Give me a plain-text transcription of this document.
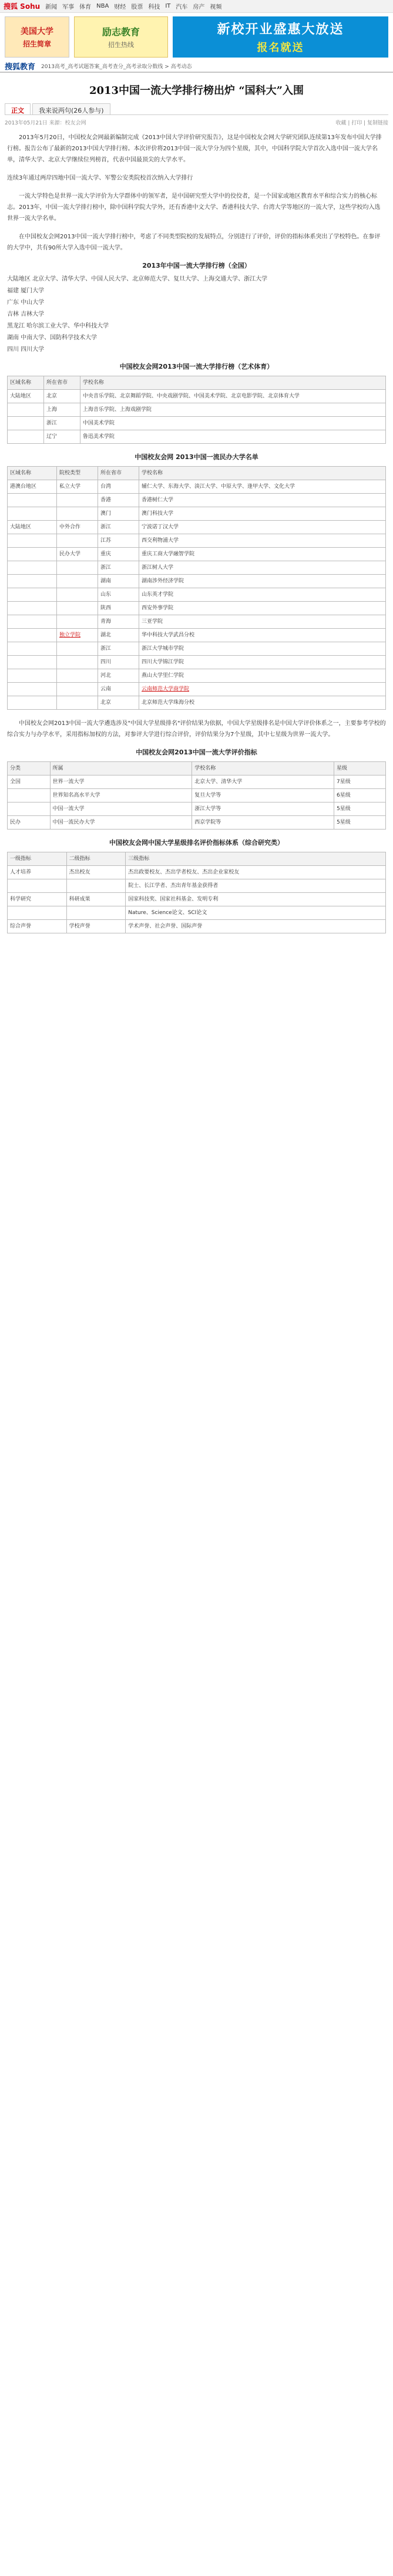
搜狐 Sohu 新闻 军事 体育 NBA 财经 股票 科技 IT 汽车 房产 视频
美国大学
招生简章
励志教育
招生热线
新校开业盛惠大放送
报名就送
搜狐教育 2013高考_高考试题答案_高考查分_高考录取分数线 > 高考动态
2013中国一流大学排行榜出炉 “国科大”入围
正文	我来说两句(26人参与)
2013年05月21日 来源：校友会网	收藏 | 打印 | 复制链接

2013年5月20日，中国校友会网最新编制完成《2013中国大学评价研究报告》，这是中国校友会网大学研究团队连续第13年发布中国大学排行榜。报告公布了最新的2013中国大学排行榜。本次评价将2013中国一流大学分为四个星级，其中，中国科学院大学首次入选中国一流大学名单，清华大学、北京大学继续位列榜首，代表中国最顶尖的大学水平。

连续3年通过两岸四地中国一流大学、军警公安类院校首次纳入大学排行

一流大学特色是世界一流大学评价为大学群体中的领军者，是中国研究型大学中的佼佼者，是一个国家或地区教育水平和综合实力的核心标志。2013年，中国一流大学排行榜中，除中国科学院大学外，还有香港中文大学、香港科技大学、台湾大学等地区的一流大学，这些学校均入选世界一流大学名单。

在中国校友会网2013中国一流大学排行榜中，考虑了不同类型院校的发展特点，分别进行了评价，评价的指标体系突出了学校特色。在参评的大学中，共有90所大学入选中国一流大学。

2013年中国一流大学排行榜（全国）

大陆地区 北京大学、清华大学、中国人民大学、北京师范大学、复旦大学、上海交通大学、浙江大学

福建 厦门大学

广东 中山大学

吉林 吉林大学

黑龙江 哈尔滨工业大学、华中科技大学

湖南 中南大学、国防科学技术大学

四川 四川大学

中国校友会网2013中国一流大学排行榜（艺术体育）
区域名称	所在省市	学校名称
大陆地区	北京	中央音乐学院、北京舞蹈学院、中央戏剧学院、中国美术学院、北京电影学院、北京体育大学
	上海	上海音乐学院、上海戏剧学院
	浙江	中国美术学院
	辽宁	鲁迅美术学院
中国校友会网 2013中国一流民办大学名单
区域名称	院校类型	所在省市	学校名称
港澳台地区	私立大学	台湾	辅仁大学、东海大学、淡江大学、中原大学、逢甲大学、文化大学
		香港	香港树仁大学
		澳门	澳门科技大学
大陆地区	中外合作	浙江	宁波诺丁汉大学
		江苏	西交利物浦大学
	民办大学	重庆	重庆工商大学融智学院
		浙江	浙江树人大学
		湖南	湖南涉外经济学院
		山东	山东英才学院
		陕西	西安外事学院
		青海	三亚学院
	独立学院	湖北	华中科技大学武昌分校
		浙江	浙江大学城市学院
		四川	四川大学锦江学院
		河北	燕山大学里仁学院
		云南	云南师范大学商学院
		北京	北京师范大学珠海分校

中国校友会网2013中国一流大学遴选涉及"中国大学星级排名"评价结果为依据，中国大学星级排名是中国大学评价体系之一，主要参考学校的综合实力与办学水平，采用指标加权的方法，对参评大学进行综合评价，评价结果分为7个星级，其中七星级为世界一流大学。

中国校友会网2013中国一流大学评价指标
分类	所属	学校名称	星级
全国	世界一流大学	北京大学、清华大学	7星级
	世界知名高水平大学	复旦大学等	6星级
	中国一流大学	浙江大学等	5星级
民办	中国一流民办大学	西京学院等	5星级
中国校友会网中国大学星级排名评价指标体系（综合研究类）
一级指标	二级指标	三级指标
人才培养	杰出校友	杰出政要校友、杰出学者校友、杰出企业家校友
		院士、长江学者、杰出青年基金获得者
科学研究	科研成果	国家科技奖、国家社科基金、发明专利
		Nature、Science论文、SCI论文
综合声誉	学校声誉	学术声誉、社会声誉、国际声誉
